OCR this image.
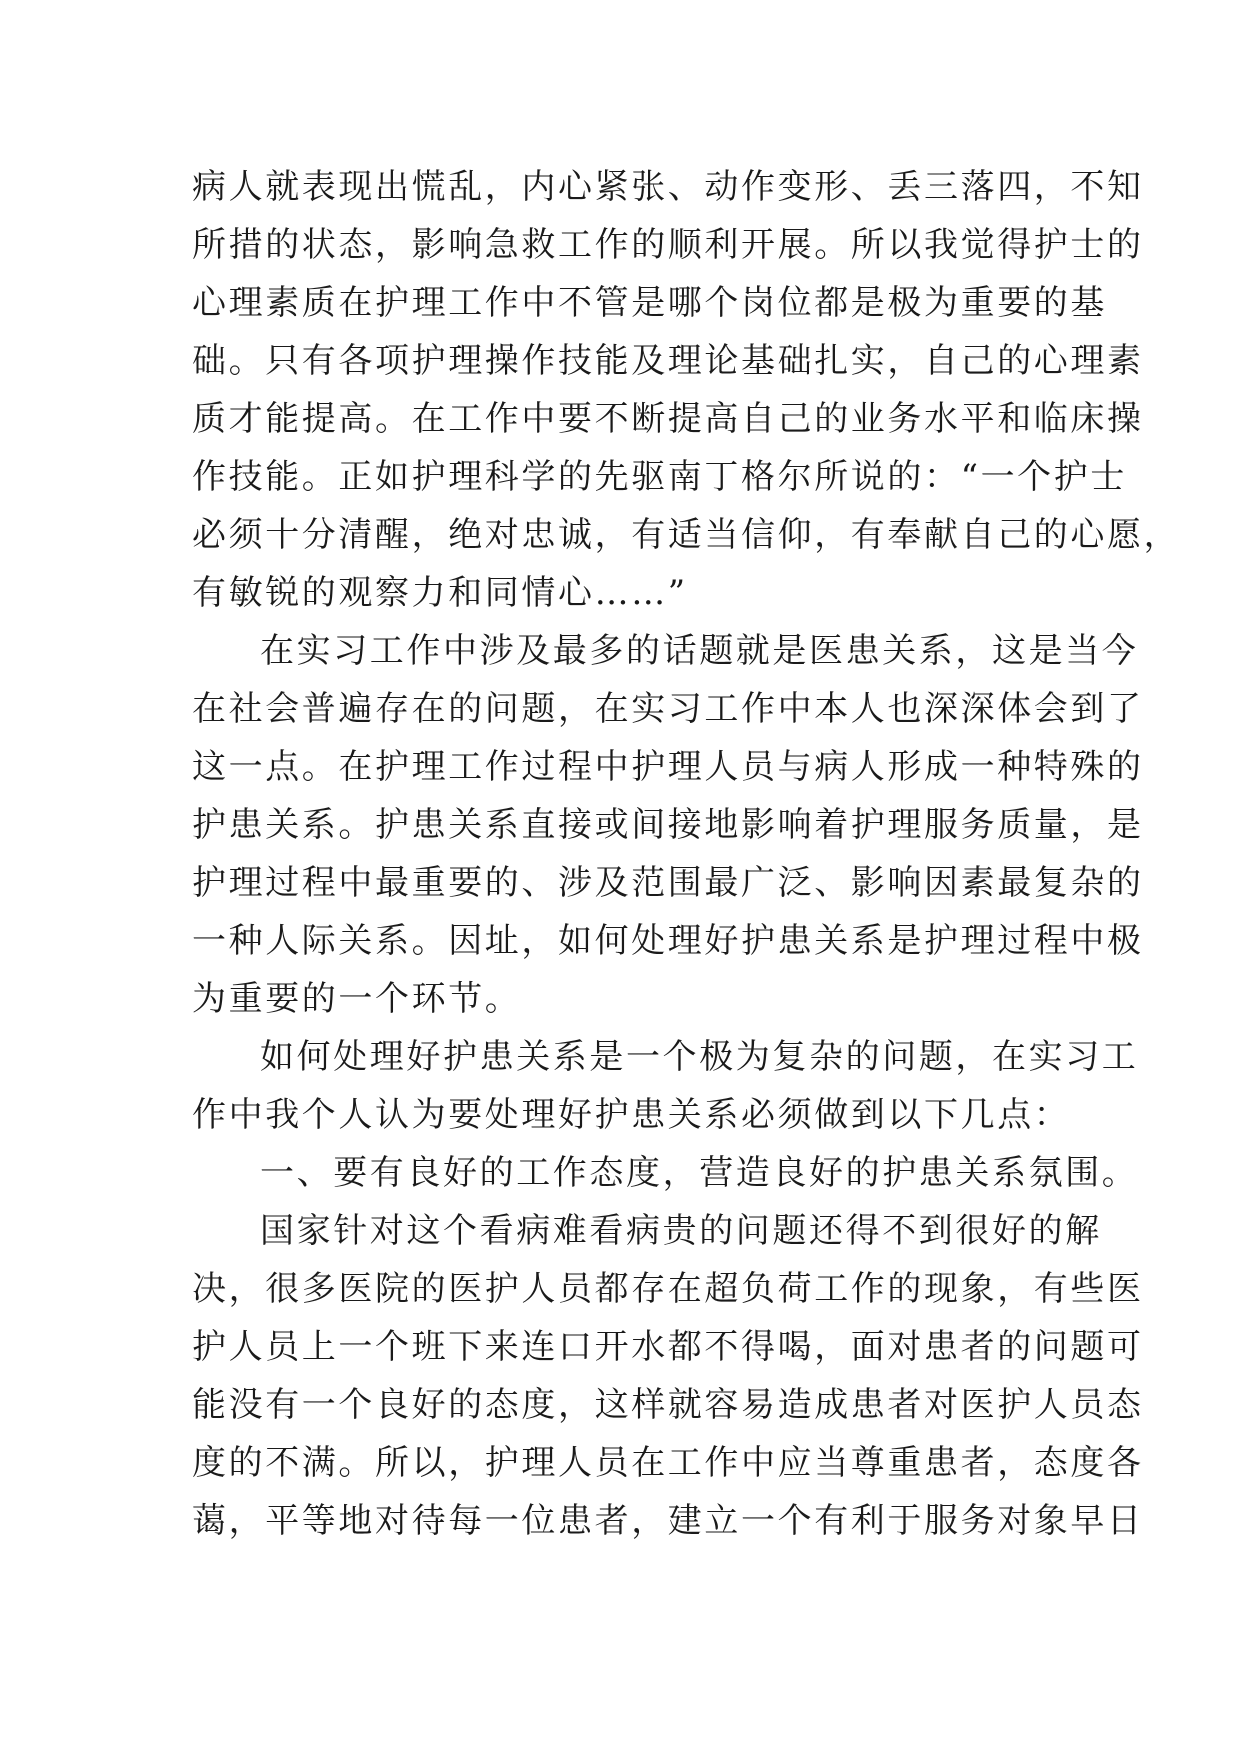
病人就表现出慌乱，内心紧张、动作变形、丢三落四，不知
所措的状态，影响急救工作的顺利开展。所以我觉得护士的
心理素质在护理工作中不管是哪个岗位都是极为重要的基
础。只有各项护理操作技能及理论基础扎实，自己的心理素
质才能提高。在工作中要不断提高自己的业务水平和临床操
作技能。正如护理科学的先驱南丁格尔所说的：“一个护士
必须十分清醒，绝对忠诚，有适当信仰，有奉献自己的心愿，
有敏锐的观察力和同情心……”
在实习工作中涉及最多的话题就是医患关系，这是当今
在社会普遍存在的问题，在实习工作中本人也深深体会到了
这一点。在护理工作过程中护理人员与病人形成一种特殊的
护患关系。护患关系直接或间接地影响着护理服务质量，是
护理过程中最重要的、涉及范围最广泛、影响因素最复杂的
一种人际关系。因址，如何处理好护患关系是护理过程中极
为重要的一个环节。
如何处理好护患关系是一个极为复杂的问题，在实习工
作中我个人认为要处理好护患关系必须做到以下几点：
一、要有良好的工作态度，营造良好的护患关系氛围。
国家针对这个看病难看病贵的问题还得不到很好的解
决，很多医院的医护人员都存在超负荷工作的现象，有些医
护人员上一个班下来连口开水都不得喝，面对患者的问题可
能没有一个良好的态度，这样就容易造成患者对医护人员态
度的不满。所以，护理人员在工作中应当尊重患者，态度各
蔼，平等地对待每一位患者，建立一个有利于服务对象早日
